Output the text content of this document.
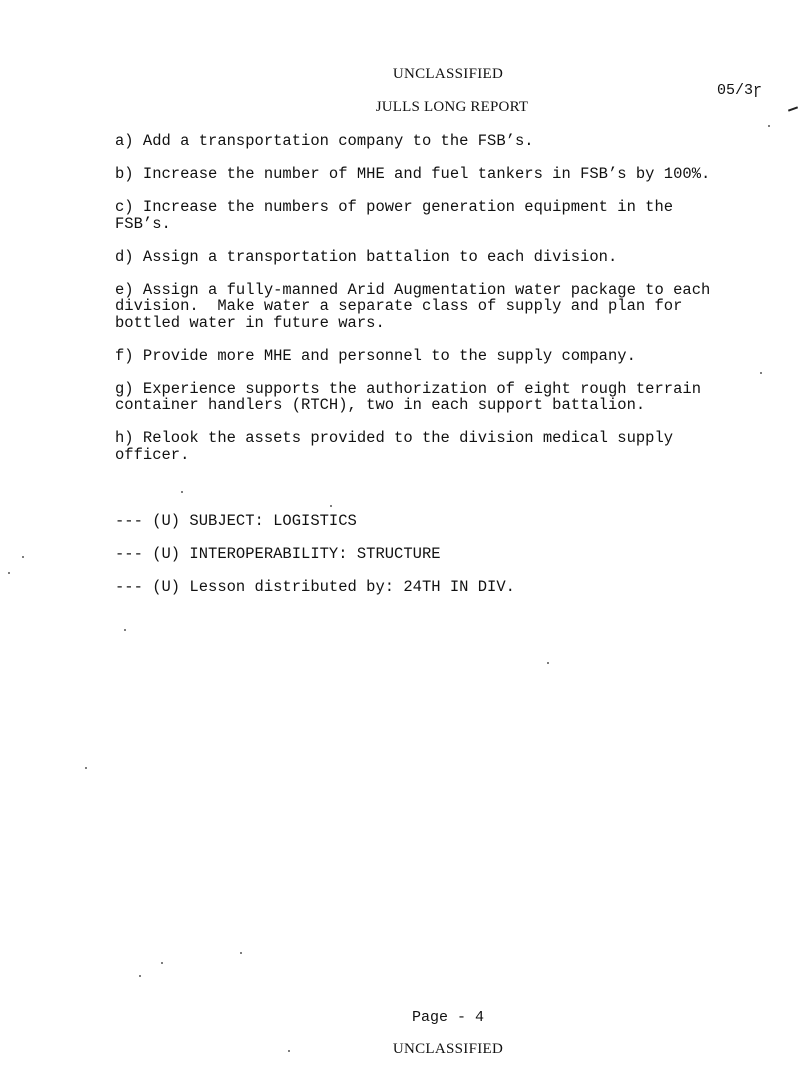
UNCLASSIFIED
05/3ɼ
JULLS LONG REPORT

a) Add a transportation company to the FSB’s.

b) Increase the number of MHE and fuel tankers in FSB’s by 100%.

c) Increase the numbers of power generation equipment in the
FSB’s.

d) Assign a transportation battalion to each division.

e) Assign a fully-manned Arid Augmentation water package to each
division.  Make water a separate class of supply and plan for
bottled water in future wars.

f) Provide more MHE and personnel to the supply company.

g) Experience supports the authorization of eight rough terrain
container handlers (RTCH), two in each support battalion.

h) Relook the assets provided to the division medical supply
officer.

--- (U) SUBJECT: LOGISTICS

--- (U) INTEROPERABILITY: STRUCTURE

--- (U) Lesson distributed by: 24TH IN DIV.

Page - 4
UNCLASSIFIED
